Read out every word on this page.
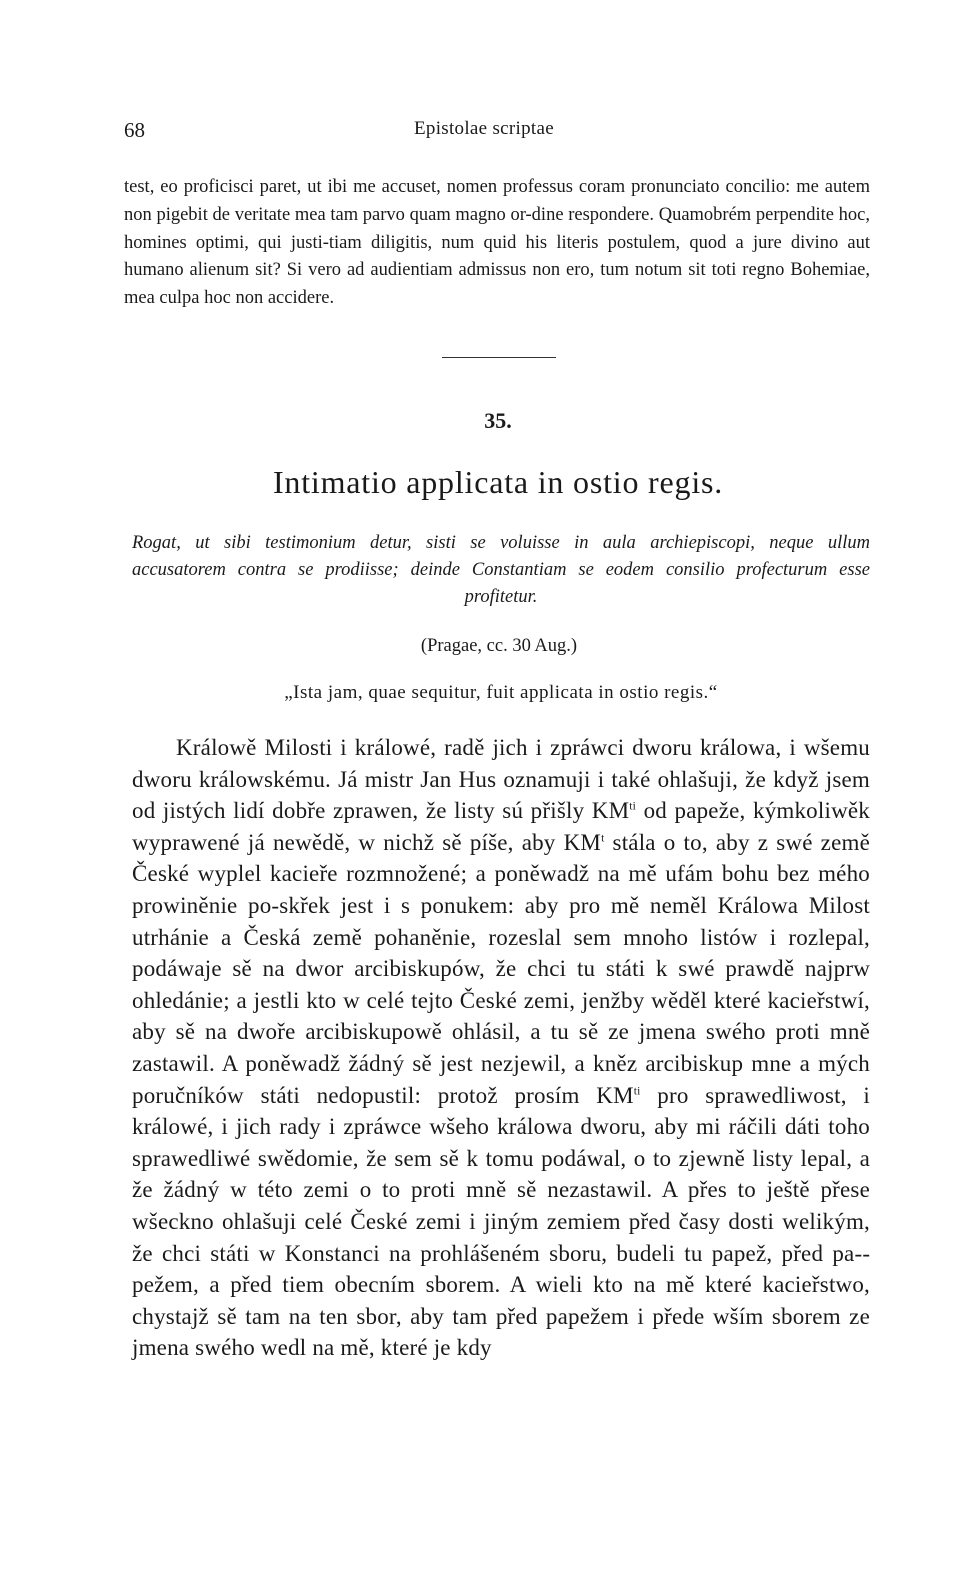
68	Epistolae scriptae

test, eo proficisci paret, ut ibi me accuset, nomen professus coram pronunciato concilio: me autem non pigebit de veritate mea tam parvo quam magno or-dine respondere. Quamobrém perpendite hoc, homines optimi, qui justi-tiam diligitis, num quid his literis postulem, quod a jure divino aut humano alienum sit? Si vero ad audientiam admissus non ero, tum notum sit toti regno Bohemiae, mea culpa hoc non accidere.

35.
Intimatio applicata in ostio regis.

Rogat, ut sibi testimonium detur, sisti se voluisse in aula archiepiscopi, neque ullum accusatorem contra se prodiisse; deinde Constantiam se eodem consilio profecturum esse profitetur.

(Pragae, cc. 30 Aug.)
„Ista jam, quae sequitur, fuit applicata in ostio regis.“

Králowě Milosti i králowé, radě jich i zpráwci dworu králowa, i wšemu dworu králowskému. Já mistr Jan Hus oznamuji i také ohlašuji, že když jsem od jistých lidí dobře zprawen, že listy sú přišly $KM^{ti}$ od papeže, kýmkoliwěk wyprawené já newědě, w nichž sě píše, aby $KM^t$ stála o to, aby z swé země České wyplel kacieře rozmnožené; a poněwadž na mě ufám bohu bez mého prowiněnie po-skřek jest i s ponukem: aby pro mě neměl Králowa Milost utrhánie a Česká země pohaněnie, rozeslal sem mnoho listów i rozlepal, podáwaje sě na dwor arcibiskupów, že chci tu státi k swé prawdě najprw ohledánie; a jestli kto w celé tejto České zemi, jenžby wěděl které kacieřstwí, aby sě na dwoře arcibiskupowě ohlásil, a tu sě ze jmena swého proti mně zastawil. A poněwadž žádný sě jest nezjewil, a kněz arcibiskup mne a mých poručníków státi nedopustil: protož prosím $KM^{ti}$ pro sprawedliwost, i králowé, i jich rady i zpráwce wšeho králowa dworu, aby mi ráčili dáti toho sprawedliwé swědomie, že sem sě k tomu podáwal, o to zjewně listy lepal, a že žádný w této zemi o to proti mně sě nezastawil. A přes to ještě přese wšeckno ohlašuji celé České zemi i jiným zemiem před časy dosti welikým, že chci státi w Konstanci na prohlášeném sboru, budeli tu papež, před pa-pežem, a před tiem obecním sborem. A wieli kto na mě které kacieřstwo, chystajž sě tam na ten sbor, aby tam před papežem i přede wším sborem ze jmena swého wedl na mě, které je kdy
